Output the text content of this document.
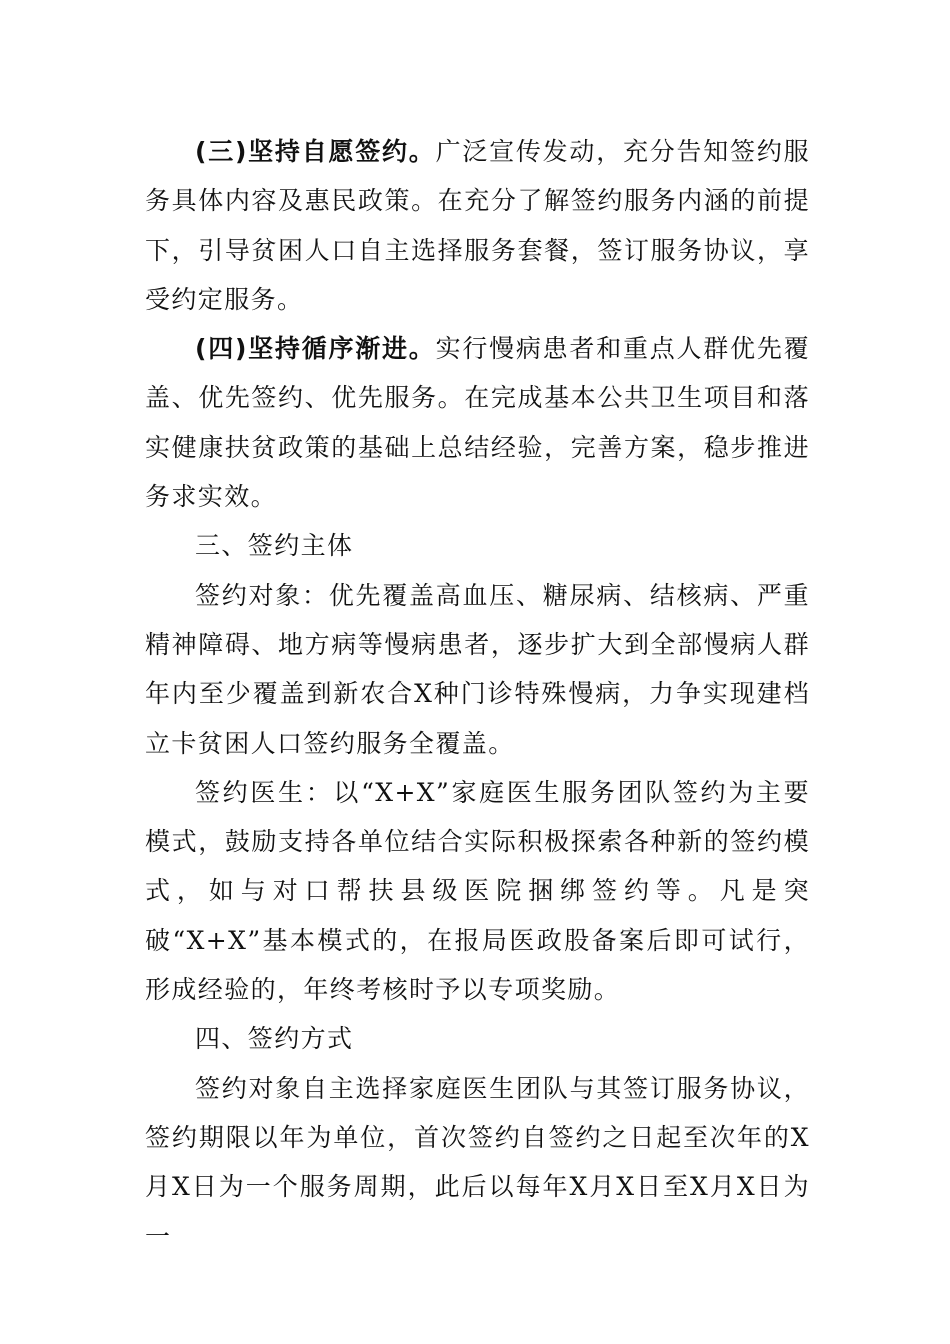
(三)坚持自愿签约。广泛宣传发动，充分告知签约服务具体内容及惠民政策。在充分了解签约服务内涵的前提下，引导贫困人口自主选择服务套餐，签订服务协议，享受约定服务。

(四)坚持循序渐进。实行慢病患者和重点人群优先覆盖、优先签约、优先服务。在完成基本公共卫生项目和落实健康扶贫政策的基础上总结经验，完善方案，稳步推进务求实效。

三、签约主体

签约对象：优先覆盖高血压、糖尿病、结核病、严重精神障碍、地方病等慢病患者，逐步扩大到全部慢病人群年内至少覆盖到新农合X种门诊特殊慢病，力争实现建档立卡贫困人口签约服务全覆盖。

签约医生：以“X+X”家庭医生服务团队签约为主要模式，鼓励支持各单位结合实际积极探索各种新的签约模式，如与对口帮扶县级医院捆绑签约等。凡是突破“X+X”基本模式的，在报局医政股备案后即可试行，形成经验的，年终考核时予以专项奖励。

四、签约方式

签约对象自主选择家庭医生团队与其签订服务协议，签约期限以年为单位，首次签约自签约之日起至次年的X月X日为一个服务周期，此后以每年X月X日至X月X日为一
